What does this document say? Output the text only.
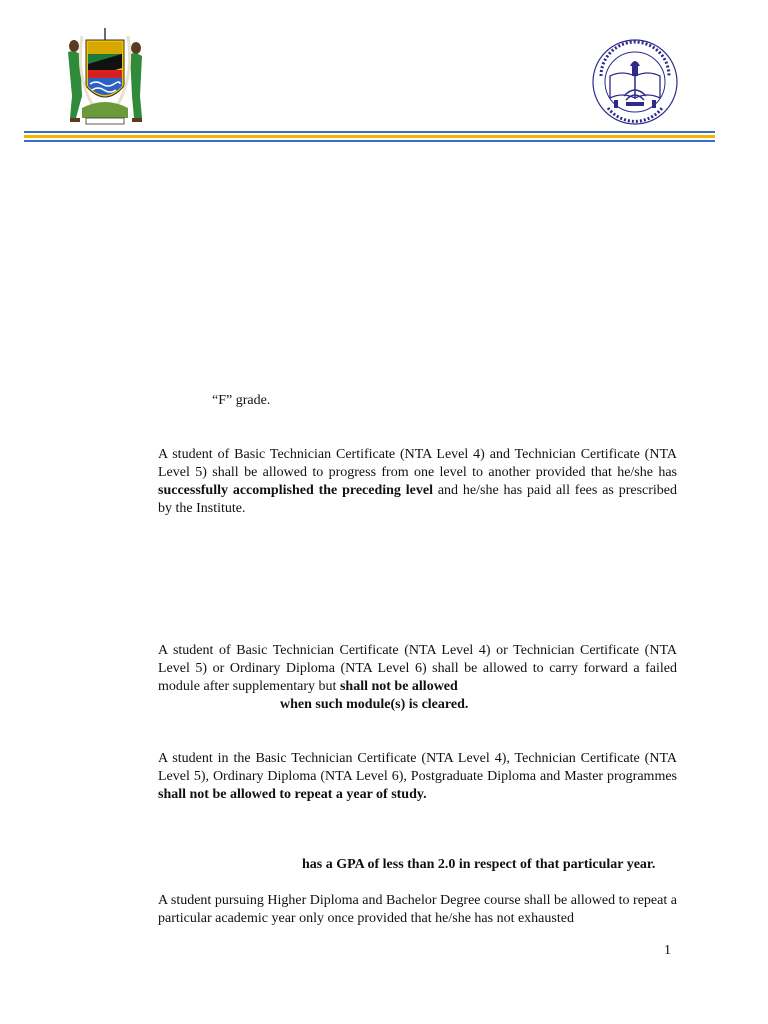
“F” grade.

A student of Basic Technician Certificate (NTA Level 4) and Technician Certificate (NTA Level 5) shall be allowed to progress from one level to another provided that he/she has successfully accomplished the preceding level and he/she has paid all fees as prescribed by the Institute.

A student of Basic Technician Certificate (NTA Level 4) or Technician Certificate (NTA Level 5) or Ordinary Diploma (NTA Level 6) shall be allowed to carry forward a failed module after supplementary but shall not be allowed

when such module(s) is cleared.

A student in the Basic Technician Certificate (NTA Level 4), Technician Certificate (NTA Level 5), Ordinary Diploma (NTA Level 6), Postgraduate Diploma and Master programmes shall not be allowed to repeat a year of study.

has a GPA of less than 2.0 in respect of that particular year.

A student pursuing Higher Diploma and Bachelor Degree course shall be allowed to repeat a particular academic year only once provided that he/she has not exhausted

1
